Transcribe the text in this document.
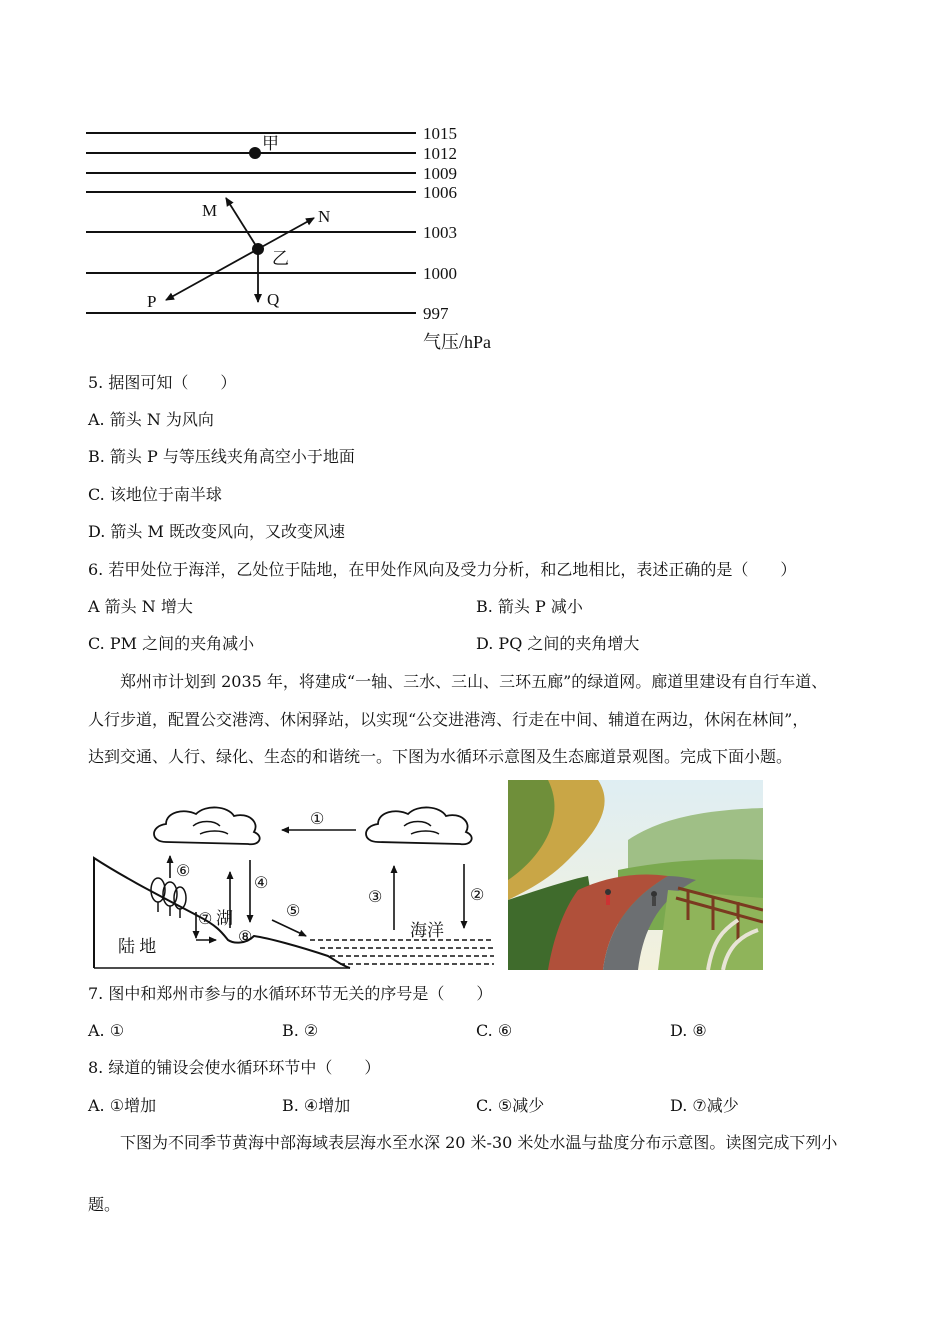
1015
1012
1009
1006
1003
1000
997
气压/hPa
甲
乙
M	N
P	Q
5. 据图可知（　　）
A. 箭头 N 为风向
B. 箭头 P 与等压线夹角高空小于地面
C. 该地位于南半球
D. 箭头 M 既改变风向，又改变风速
6. 若甲处位于海洋，乙处位于陆地，在甲处作风向及受力分析，和乙地相比，表述正确的是（　　）
A 箭头 N 增大	B. 箭头 P 减小
C. PM 之间的夹角减小	D. PQ 之间的夹角增大
郑州市计划到 2035 年，将建成“一轴、三水、三山、三环五廊”的绿道网。廊道里建设有自行车道、
人行步道，配置公交港湾、休闲驿站，以实现“公交进港湾、行走在中间、辅道在两边，休闲在林间”，
达到交通、人行、绿化、生态的和谐统一。下图为水循环示意图及生态廊道景观图。完成下面小题。
①
②
③
④
⑤
⑥
⑦
⑧
湖
陆 地
海洋
7. 图中和郑州市参与的水循环环节无关的序号是（　　）
A. ①	B. ②	C. ⑥	D. ⑧
8. 绿道的铺设会使水循环环节中（　　）
A. ①增加	B. ④增加	C. ⑤减少	D. ⑦减少
下图为不同季节黄海中部海域表层海水至水深 20 米-30 米处水温与盐度分布示意图。读图完成下列小
题。
